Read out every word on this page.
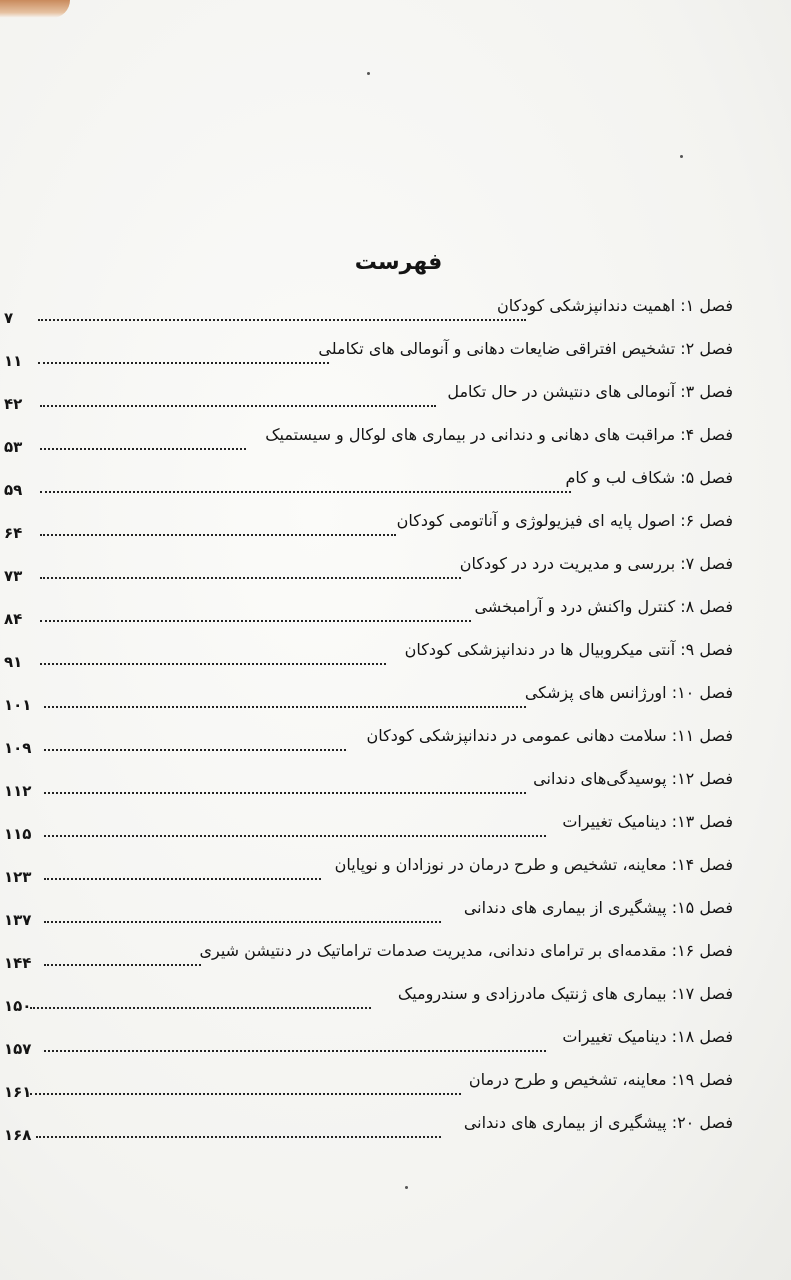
فهرست
فصل ۱: اهمیت دندانپزشکی کودکان
۷
فصل ۲: تشخیص افتراقی ضایعات دهانی و آنومالی های تکاملی
۱۱
فصل ۳: آنومالی های دنتیشن در حال تکامل
۴۲
فصل ۴: مراقبت های دهانی و دندانی در بیماری های لوکال و سیستمیک
۵۳
فصل ۵: شکاف لب و کام
۵۹
فصل ۶: اصول پایه ای فیزیولوژی و آناتومی کودکان
۶۴
فصل ۷: بررسی و مدیریت درد در کودکان
۷۳
فصل ۸: کنترل واکنش درد و آرامبخشی
۸۴
فصل ۹: آنتی میکروبیال ها در دندانپزشکی کودکان
۹۱
فصل ۱۰: اورژانس های پزشکی
۱۰۱
فصل ۱۱: سلامت دهانی عمومی در دندانپزشکی کودکان
۱۰۹
فصل ۱۲: پوسیدگی‌های دندانی
۱۱۲
فصل ۱۳: دینامیک تغییرات
۱۱۵
فصل ۱۴: معاینه، تشخیص و طرح درمان در نوزادان و نوپایان
۱۲۳
فصل ۱۵: پیشگیری از بیماری های دندانی
۱۳۷
فصل ۱۶: مقدمه‌ای بر ترامای دندانی، مدیریت صدمات تراماتیک در دنتیشن شیری
۱۴۴
فصل ۱۷: بیماری های ژنتیک مادرزادی و سندرومیک
۱۵۰
فصل ۱۸: دینامیک تغییرات
۱۵۷
فصل ۱۹: معاینه، تشخیص و طرح درمان
۱۶۱
فصل ۲۰: پیشگیری از بیماری های دندانی
۱۶۸
